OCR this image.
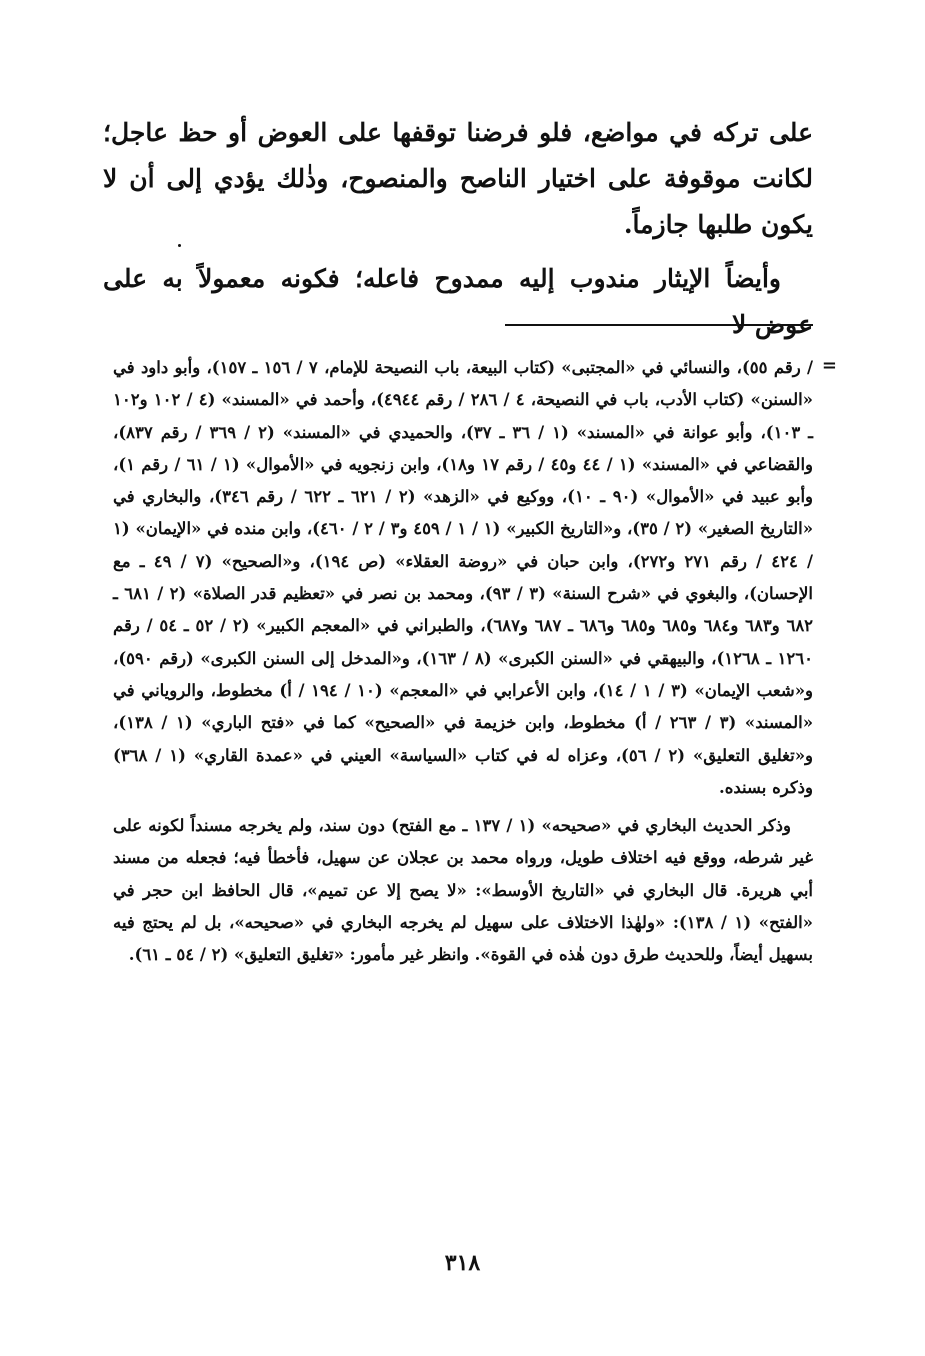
على تركه في مواضع، فلو فرضنا توقفها على العوض أو حظ عاجل؛ لكانت موقوفة على اختيار الناصح والمنصوح، وذٰلك يؤدي إلى أن لا يكون طلبها جازماً.

وأيضاً الإيثار مندوب إليه ممدوح فاعله؛ فكونه معمولاً به على عوض لا

=

/ رقم ٥٥)، والنسائي في «المجتبى» (كتاب البيعة، باب النصيحة للإمام، ٧ / ١٥٦ ـ ١٥٧)، وأبو داود في «السنن» (كتاب الأدب، باب في النصيحة، ٤ / ٢٨٦ / رقم ٤٩٤٤)، وأحمد في «المسند» (٤ / ١٠٢ و١٠٢ ـ ١٠٣)، وأبو عوانة في «المسند» (١ / ٣٦ ـ ٣٧)، والحميدي في «المسند» (٢ / ٣٦٩ / رقم ٨٣٧)، والقضاعي في «المسند» (١ / ٤٤ و٤٥ / رقم ١٧ و١٨)، وابن زنجويه في «الأموال» (١ / ٦١ / رقم ١)، وأبو عبيد في «الأموال» (٩٠ ـ ١٠)، ووكيع في «الزهد» (٢ / ٦٢١ ـ ٦٢٢ / رقم ٣٤٦)، والبخاري في «التاريخ الصغير» (٢ / ٣٥)، و«التاريخ الكبير» (١ / ١ / ٤٥٩ و٣ / ٢ / ٤٦٠)، وابن منده في «الإيمان» (١ / ٤٢٤ / رقم ٢٧١ و٢٧٢)، وابن حبان في «روضة العقلاء» (ص ١٩٤)، و«الصحيح» (٧ / ٤٩ ـ مع الإحسان)، والبغوي في «شرح السنة» (٣ / ٩٣)، ومحمد بن نصر في «تعظيم قدر الصلاة» (٢ / ٦٨١ ـ ٦٨٢ و٦٨٣ و٦٨٤ و٦٨٥ و٦٨٥ و٦٨٦ ـ ٦٨٧ و٦٨٧)، والطبراني في «المعجم الكبير» (٢ / ٥٢ ـ ٥٤ / رقم ١٢٦٠ ـ ١٢٦٨)، والبيهقي في «السنن الكبرى» (٨ / ١٦٣)، و«المدخل إلى السنن الكبرى» (رقم ٥٩٠)، و«شعب الإيمان» (٣ / ١ / ١٤)، وابن الأعرابي في «المعجم» (١٠ / ١٩٤ / أ) مخطوط، والروياني في «المسند» (٣ / ٢٦٣ / أ) مخطوط، وابن خزيمة في «الصحيح» كما في «فتح الباري» (١ / ١٣٨)، و«تغليق التعليق» (٢ / ٥٦)، وعزاه له في كتاب «السياسة» العيني في «عمدة القاري» (١ / ٣٦٨) وذكره بسنده.

وذكر الحديث البخاري في «صحيحه» (١ / ١٣٧ ـ مع الفتح) دون سند، ولم يخرجه مسنداً لكونه على غير شرطه، ووقع فيه اختلاف طويل، ورواه محمد بن عجلان عن سهيل، فأخطأ فيه؛ فجعله من مسند أبي هريرة. قال البخاري في «التاريخ الأوسط»: «لا يصح إلا عن تميم»، قال الحافظ ابن حجر في «الفتح» (١ / ١٣٨): «ولهٰذا الاختلاف على سهيل لم يخرجه البخاري في «صحيحه»، بل لم يحتج فيه بسهيل أيضاً، وللحديث طرق دون هٰذه في القوة». وانظر غير مأمور: «تغليق التعليق» (٢ / ٥٤ ـ ٦١).

٣١٨
